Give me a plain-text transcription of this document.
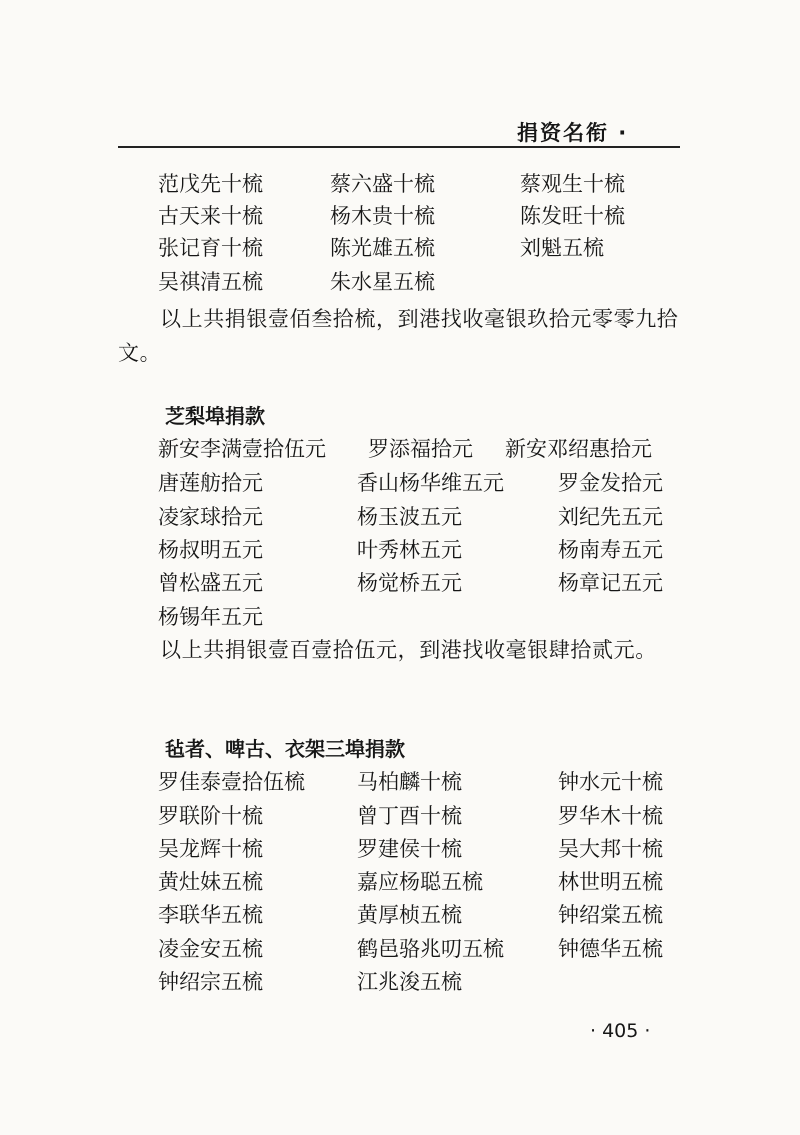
捐资名衔 ·
范戊先十梳	蔡六盛十梳	蔡观生十梳
古天来十梳	杨木贵十梳	陈发旺十梳
张记育十梳	陈光雄五梳	刘魁五梳
吴祺清五梳	朱水星五梳

以上共捐银壹佰叁拾梳，到港找收毫银玖拾元零零九拾文。

芝梨埠捐款
新安李满壹拾伍元 罗添福拾元 新安邓绍惠拾元
唐莲舫拾元	香山杨华维五元	罗金发拾元
凌家球拾元	杨玉波五元	刘纪先五元
杨叔明五元	叶秀林五元	杨南寿五元
曾松盛五元	杨觉桥五元	杨章记五元
杨锡年五元

以上共捐银壹百壹拾伍元，到港找收毫银肆拾贰元。

毡者、啤古、衣架三埠捐款
罗佳泰壹拾伍梳 马柏麟十梳	钟水元十梳
罗联阶十梳	曾丁酉十梳	罗华木十梳
吴龙辉十梳	罗建侯十梳	吴大邦十梳
黄灶妹五梳	嘉应杨聪五梳	林世明五梳
李联华五梳	黄厚桢五梳	钟绍棠五梳
凌金安五梳	鹤邑骆兆叨五梳	钟德华五梳
钟绍宗五梳	江兆浚五梳
· 405 ·
